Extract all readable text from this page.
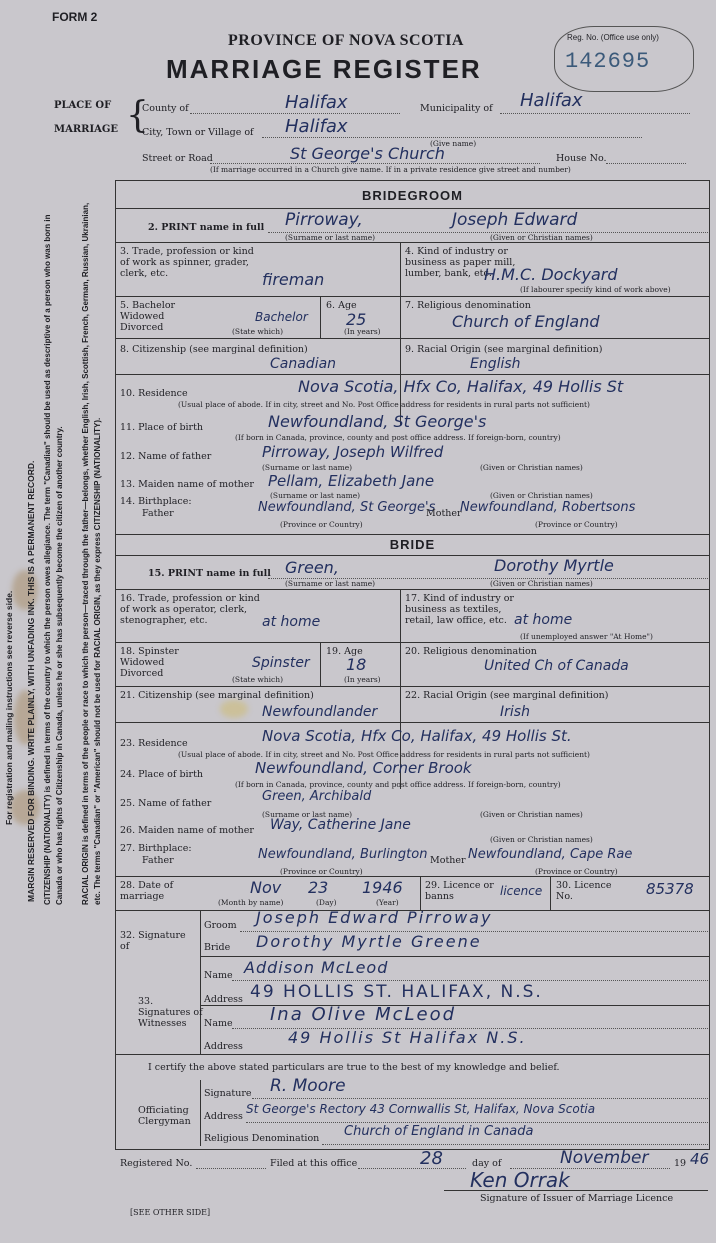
FORM 2
PROVINCE OF NOVA SCOTIA
MARRIAGE REGISTER
Reg. No. (Office use only)
142695
PLACE OF
MARRIAGE {
County of	Halifax	Municipality of Halifax
City, Town or Village of Halifax
(Give name)
Street or Road	St George's Church	House No.
(If marriage occurred in a Church give name. If in a private residence give street and number)
For registration and mailing instructions see reverse side. MARGIN RESERVED FOR BINDING. WRITE PLAINLY, WITH UNFADING INK. THIS IS A PERMANENT RECORD. CITIZENSHIP (NATIONALITY) is defined in terms of the country to which the person owes allegiance. The term "Canadian" should be used as descriptive of a person who was born in Canada or who has rights of Citizenship in Canada, unless he or she has subsequently become the citizen of another country.	RACIAL ORIGIN is defined in terms of the people or race to which the person—traced through the father—belongs, whether English, Irish, Scottish, French, German, Russian, Ukrainian, etc. The terms "Canadian" or "American" should not be used for RACIAL ORIGIN, as they express CITIZENSHIP (NATIONALITY).
BRIDEGROOM
2. PRINT name in full Pirroway,	Joseph Edward
(Surname or last name)	(Given or Christian names)
3. Trade, profession or kind of work as spinner, grader, clerk, etc.	fireman
4. Kind of industry or business as paper mill, lumber, bank, etc.
H.M.C. Dockyard
(If labourer specify kind of work above)
5. Bachelor Widowed Divorced
Bachelor
(State which)
6. Age
25
(In years)
7. Religious denomination
Church of England
8. Citizenship (see marginal definition)
Canadian
9. Racial Origin (see marginal definition)
English
10. Residence	Nova Scotia, Hfx Co, Halifax, 49 Hollis St
(Usual place of abode. If in city, street and No. Post Office address for residents in rural parts not sufficient)
11. Place of birth	Newfoundland, St George's
(If born in Canada, province, county and post office address. If foreign-born, country)
12. Name of father	Pirroway, Joseph Wilfred
(Surname or last name)	(Given or Christian names)
13. Maiden name of mother Pellam, Elizabeth Jane
(Surname or last name)	(Given or Christian names)
14. Birthplace:
Father	Newfoundland, St George's
Mother
Newfoundland, Robertsons
(Province or Country)	(Province or Country)
BRIDE
15. PRINT name in full Green,	Dorothy Myrtle
(Surname or last name)	(Given or Christian names)
16. Trade, profession or kind of work as operator, clerk, stenographer, etc.	at home
17. Kind of industry or business as textiles, retail, law office, etc. at home
(If unemployed answer "At Home")
18. Spinster Widowed Divorced
Spinster
(State which)
19. Age
18
(In years)
20. Religious denomination
United Ch of Canada
21. Citizenship (see marginal definition)
Newfoundlander
22. Racial Origin (see marginal definition)
Irish
23. Residence	Nova Scotia, Hfx Co, Halifax, 49 Hollis St.
(Usual place of abode. If in city, street and No. Post Office address for residents in rural parts not sufficient)
24. Place of birth	Newfoundland, Corner Brook
(If born in Canada, province, county and post office address. If foreign-born, country)
25. Name of father	Green, Archibald
(Surname or last name)	(Given or Christian names)
26. Maiden name of mother Way, Catherine Jane
(Given or Christian names)
27. Birthplace:
Father	Newfoundland, Burlington Mother Newfoundland, Cape Rae
(Province or Country)	(Province or Country)
28. Date of marriage	Nov 23 1946
(Month by name)	(Day)	(Year)
29. Licence or banns	licence 30. Licence No.	85378
32. Signature of
Groom Joseph Edward Pirroway
Bride Dorothy Myrtle Greene
33. Signatures of Witnesses
Name Addison McLeod
Address 49 HOLLIS ST. HALIFAX, N.S.
Name Ina Olive McLeod
Address	49 Hollis St Halifax N.S.
I certify the above stated particulars are true to the best of my knowledge and belief.
Officiating Clergyman
Signature R. Moore
Address
St George's Rectory 43 Cornwallis St, Halifax, Nova Scotia
Religious Denomination Church of England in Canada
Registered No.	Filed at this office	28	day of	November	19 46
Ken Orrak
Signature of Issuer of Marriage Licence
[SEE OTHER SIDE]
